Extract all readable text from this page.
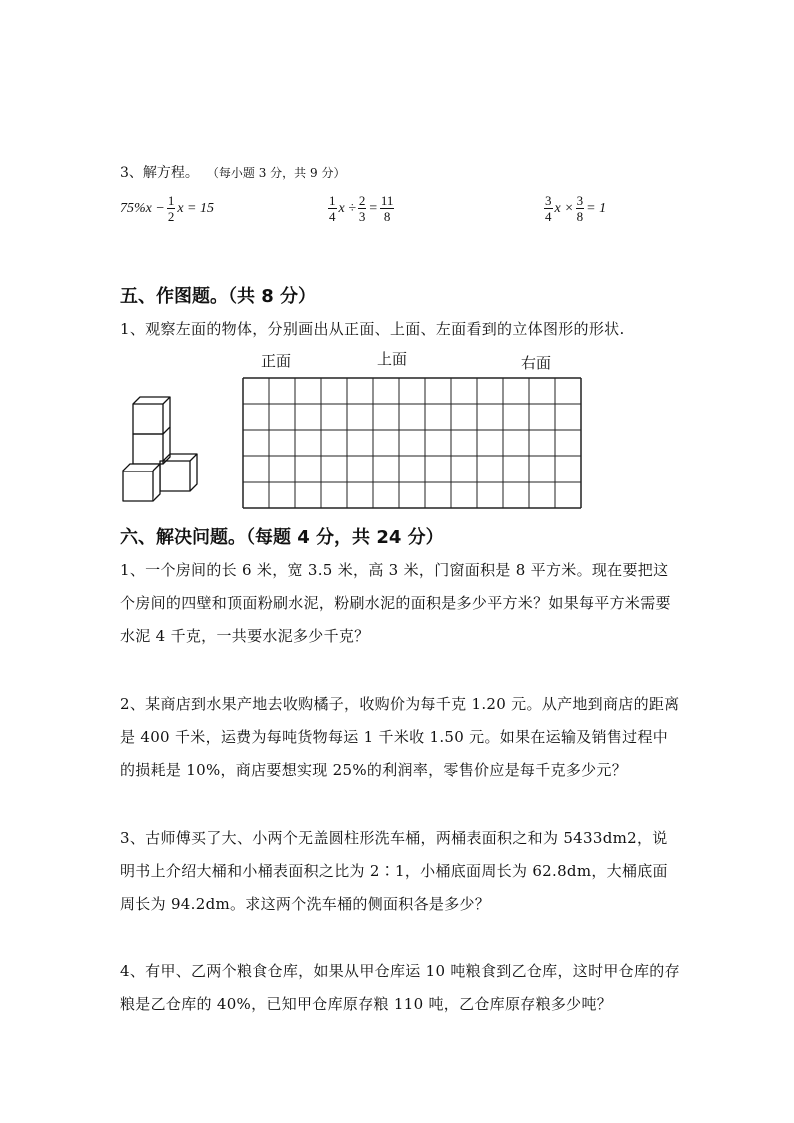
3、解方程。 （每小题 3 分，共 9 分）
$75\%x - \frac{1}{2}$ x = 15	$\frac{1}{4}$ $x \div \frac{2}{3} = \frac{11}{8}$	$\frac{3}{4}$ $x \times \frac{3}{8} = 1$
五、作图题。（共 8 分）
1、观察左面的物体，分别画出从正面、上面、左面看到的立体图形的形状.
正面	上面	右面
六、解决问题。（每题 4 分，共 24 分）
1、一个房间的长 6 米，宽 3.5 米，高 3 米，门窗面积是 8 平方米。现在要把这个房间的四壁和顶面粉刷水泥，粉刷水泥的面积是多少平方米？如果每平方米需要水泥 4 千克，一共要水泥多少千克？
2、某商店到水果产地去收购橘子，收购价为每千克 1.20 元。从产地到商店的距离是 400 千米，运费为每吨货物每运 1 千米收 1.50 元。如果在运输及销售过程中的损耗是 10%，商店要想实现 25%的利润率，零售价应是每千克多少元？
3、古师傅买了大、小两个无盖圆柱形洗车桶，两桶表面积之和为 5433dm2，说明书上介绍大桶和小桶表面积之比为 2∶1，小桶底面周长为 62.8dm，大桶底面周长为 94.2dm。求这两个洗车桶的侧面积各是多少？
4、有甲、乙两个粮食仓库，如果从甲仓库运 10 吨粮食到乙仓库，这时甲仓库的存粮是乙仓库的 40%，已知甲仓库原存粮 110 吨，乙仓库原存粮多少吨？
